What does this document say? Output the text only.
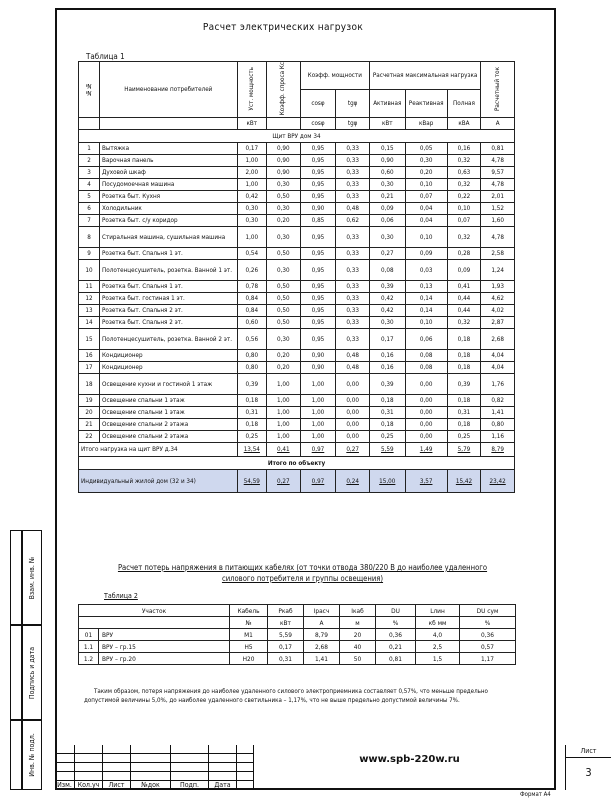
Расчет электрических нагрузок
Таблица 1
№№	Наименование потребителей	Уст. мощность	Коэфф. спроса Кс	Коэфф. мощности		Расчетная максимальная нагрузка			Расчетный ток
				cosφ	tgφ	Активная	Реактивная	Полная	
		кВт		cosφ	tgφ	кВт	кВар	кВА	А
Щит ВРУ дом 34									
1	Вытяжка	0,17	0,90	0,95	0,33	0,15	0,05	0,16	0,81
2	Варочная панель	1,00	0,90	0,95	0,33	0,90	0,30	0,32	4,78
3	Духовой шкаф	2,00	0,90	0,95	0,33	0,60	0,20	0,63	9,57
4	Посудомоечная машина	1,00	0,30	0,95	0,33	0,30	0,10	0,32	4,78
5	Розетка быт. Кухня	0,42	0,50	0,95	0,33	0,21	0,07	0,22	2,01
6	Холодильник	0,30	0,30	0,90	0,48	0,09	0,04	0,10	1,52
7	Розетка быт. с/у коридор	0,30	0,20	0,85	0,62	0,06	0,04	0,07	1,60
8	Стиральная машина, сушильная машина	1,00	0,30	0,95	0,33	0,30	0,10	0,32	4,78
9	Розетка быт. Спальня 1 эт.	0,54	0,50	0,95	0,33	0,27	0,09	0,28	2,58
10	Полотенцесушитель, розетка. Ванной 1 эт.	0,26	0,30	0,95	0,33	0,08	0,03	0,09	1,24
11	Розетка быт. Спальня 1 эт.	0,78	0,50	0,95	0,33	0,39	0,13	0,41	1,93
12	Розетка быт. гостиная 1 эт.	0,84	0,50	0,95	0,33	0,42	0,14	0,44	4,62
13	Розетка быт. Спальня 2 эт.	0,84	0,50	0,95	0,33	0,42	0,14	0,44	4,02
14	Розетка быт. Спальня 2 эт.	0,60	0,50	0,95	0,33	0,30	0,10	0,32	2,87
15	Полотенцесушитель, розетка. Ванной 2 эт.	0,56	0,30	0,95	0,33	0,17	0,06	0,18	2,68
16	Кондиционер	0,80	0,20	0,90	0,48	0,16	0,08	0,18	4,04
17	Кондиционер	0,80	0,20	0,90	0,48	0,16	0,08	0,18	4,04
18	Освещение кухни и гостиной 1 этаж	0,39	1,00	1,00	0,00	0,39	0,00	0,39	1,76
19	Освещение спальни 1 этаж	0,18	1,00	1,00	0,00	0,18	0,00	0,18	0,82
20	Освещение спальни 1 этаж	0,31	1,00	1,00	0,00	0,31	0,00	0,31	1,41
21	Освещение спальни 2 этажа	0,18	1,00	1,00	0,00	0,18	0,00	0,18	0,80
22	Освещение спальни 2 этажа	0,25	1,00	1,00	0,00	0,25	0,00	0,25	1,16
Итого нагрузка на щит ВРУ д.34		13,54	0,41	0,97	0,27	5,59	1,49	5,79	8,79
Итого по объекту									
Индивидуальный жилой дом (32 и 34)		54,59	0,27	0,97	0,24	15,00	3,57	15,42	23,42
Расчет потерь напряжения в питающих кабелях (от точки отвода 380/220 В до наиболее удаленного силового потребителя и группы освещения)
Таблица 2
Участок		Кабель	Ркаб	Iрасч	Iкаб	DU	Lлин	DU сум
		№	кВт	А	м	%	кб мм	%
01	ВРУ	М1	5,59	8,79	20	0,36	4,0	0,36
1.1	ВРУ – гр.15	Н5	0,17	2,68	40	0,21	2,5	0,57
1.2	ВРУ – гр.20	Н20	0,31	1,41	50	0,81	1,5	1,17
Таким образом, потеря напряжения до наиболее удаленного силового электроприемника составляет 0,57%, что меньше предельно допустимой величины 5,0%, до наиболее удаленного светильника – 1,17%, что не выше предельно допустимой величины 7%.
Изм. Кол.уч	Лист	№док	Подп.	Дата
www.spb-220w.ru
Лист
3
Взам. инв. №
Подпись и дата
Инв. № подл.
Формат А4
